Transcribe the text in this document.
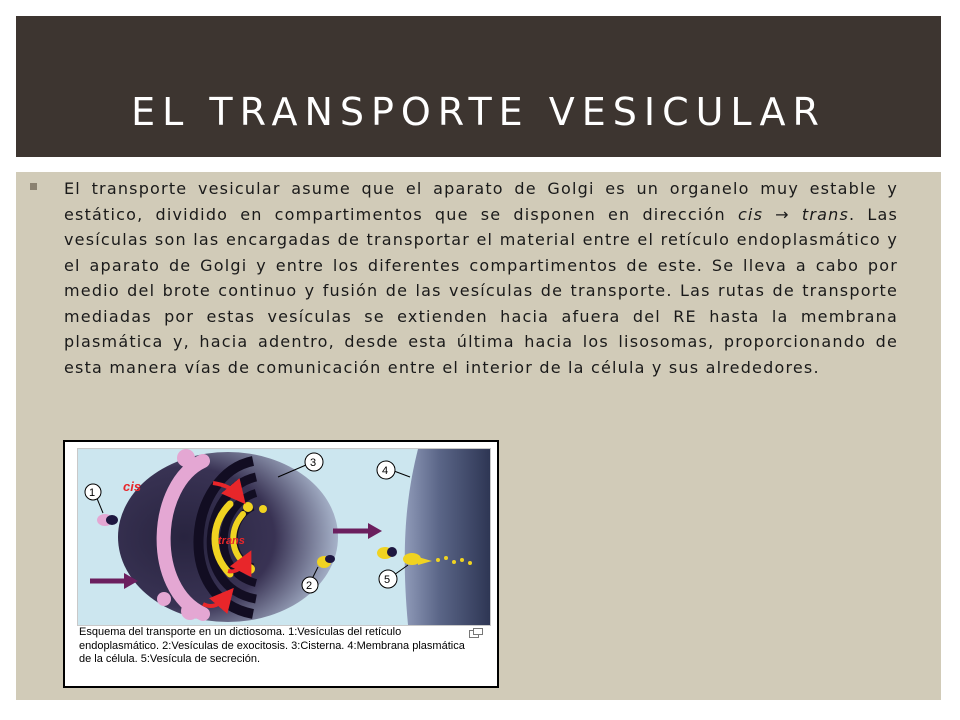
EL TRANSPORTE VESICULAR

El transporte vesicular asume que el aparato de Golgi es un organelo muy estable y estático, dividido en compartimentos que se disponen en dirección cis → trans. Las vesículas son las encargadas de transportar el material entre el retículo endoplasmático y el aparato de Golgi y entre los diferentes compartimentos de este. Se lleva a cabo por medio del brote continuo y fusión de las vesículas de transporte. Las rutas de transporte mediadas por estas vesículas se extienden hacia afuera del RE hasta la membrana plasmática y, hacia adentro, desde esta última hacia los lisosomas, proporcionando de esta manera vías de comunicación entre el interior de la célula y sus alrededores.

cis
trans
1
2
3
4
5

Esquema del transporte en un dictiosoma. 1:Vesículas del retículo endoplasmático. 2:Vesículas de exocitosis. 3:Cisterna. 4:Membrana plasmática de la célula. 5:Vesícula de secreción.
